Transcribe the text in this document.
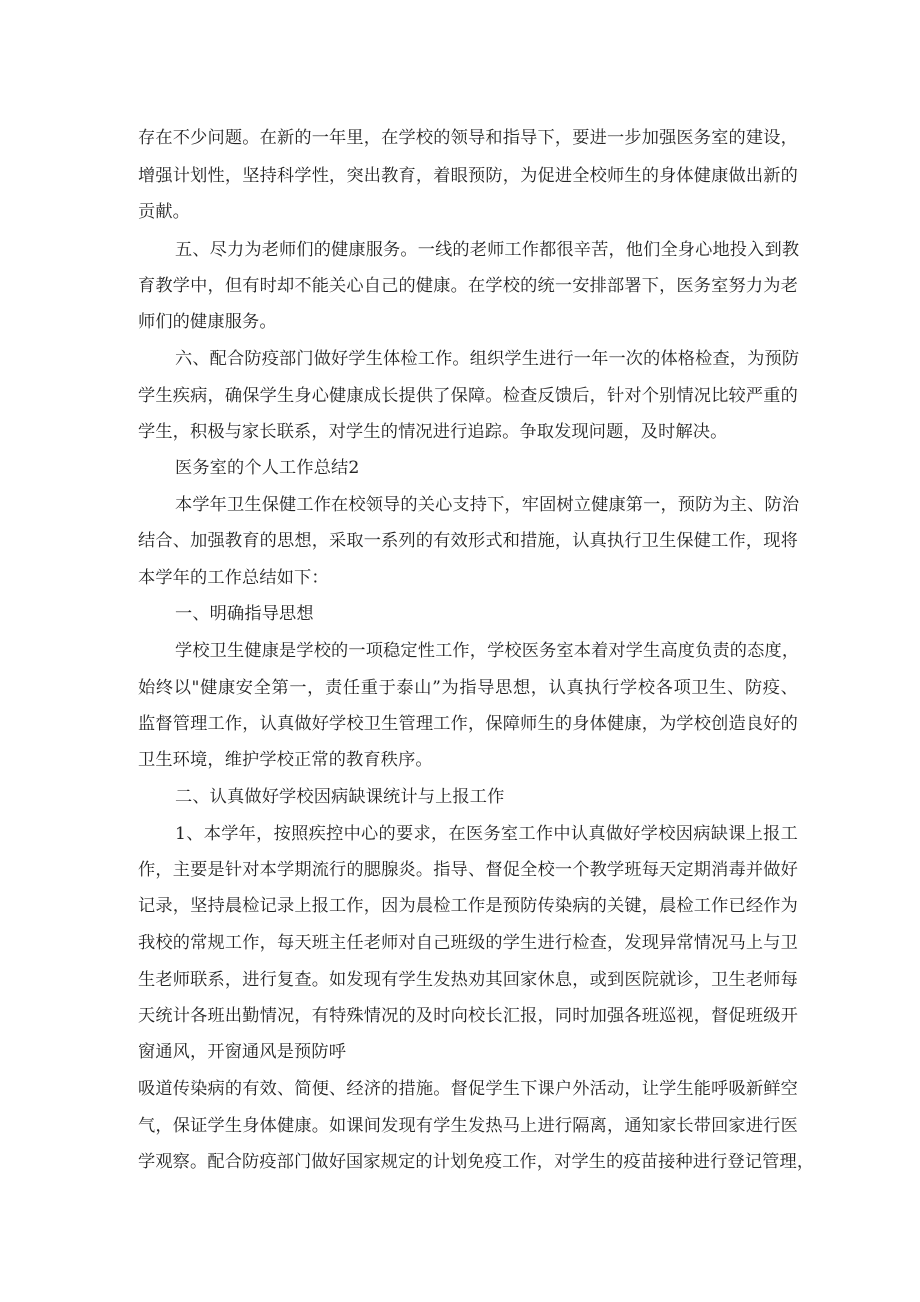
存在不少问题。在新的一年里，在学校的领导和指导下，要进一步加强医务室的建设，
增强计划性，坚持科学性，突出教育，着眼预防，为促进全校师生的身体健康做出新的
贡献。
五、尽力为老师们的健康服务。一线的老师工作都很辛苦，他们全身心地投入到教
育教学中，但有时却不能关心自己的健康。在学校的统一安排部署下，医务室努力为老
师们的健康服务。
六、配合防疫部门做好学生体检工作。组织学生进行一年一次的体格检查，为预防
学生疾病，确保学生身心健康成长提供了保障。检查反馈后，针对个别情况比较严重的
学生，积极与家长联系，对学生的情况进行追踪。争取发现问题，及时解决。
医务室的个人工作总结2
本学年卫生保健工作在校领导的关心支持下，牢固树立健康第一，预防为主、防治
结合、加强教育的思想，采取一系列的有效形式和措施，认真执行卫生保健工作，现将
本学年的工作总结如下：
一、明确指导思想
学校卫生健康是学校的一项稳定性工作，学校医务室本着对学生高度负责的态度，
始终以"健康安全第一，责任重于泰山”为指导思想，认真执行学校各项卫生、防疫、
监督管理工作，认真做好学校卫生管理工作，保障师生的身体健康，为学校创造良好的
卫生环境，维护学校正常的教育秩序。
二、认真做好学校因病缺课统计与上报工作
1、本学年，按照疾控中心的要求，在医务室工作中认真做好学校因病缺课上报工
作，主要是针对本学期流行的腮腺炎。指导、督促全校一个教学班每天定期消毒并做好
记录，坚持晨检记录上报工作，因为晨检工作是预防传染病的关键，晨检工作已经作为
我校的常规工作，每天班主任老师对自己班级的学生进行检查，发现异常情况马上与卫
生老师联系，进行复查。如发现有学生发热劝其回家休息，或到医院就诊，卫生老师每
天统计各班出勤情况，有特殊情况的及时向校长汇报，同时加强各班巡视，督促班级开
窗通风，开窗通风是预防呼
吸道传染病的有效、简便、经济的措施。督促学生下课户外活动，让学生能呼吸新鲜空
气，保证学生身体健康。如课间发现有学生发热马上进行隔离，通知家长带回家进行医
学观察。配合防疫部门做好国家规定的计划免疫工作，对学生的疫苗接种进行登记管理，
